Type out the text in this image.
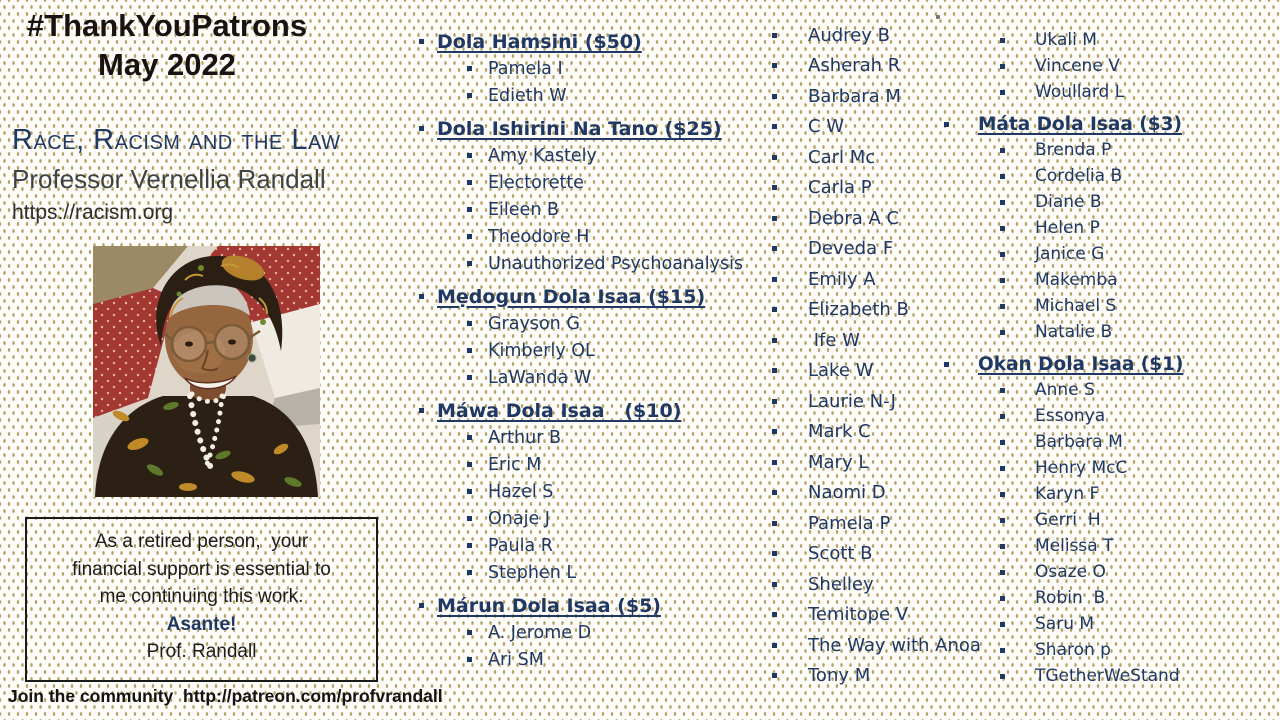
#ThankYouPatrons
May 2022
Race, Racism and the Law
Professor Vernellia Randall
https://racism.org
As a retired person,  your
financial support is essential to
me continuing this work.
Asante!
Prof. Randall
Join the community  http://patreon.com/profvrandall
Dola Hamsini ($50)
Pamela I
Edieth W
Dola Ishirini Na Tano ($25)
Amy Kastely
Electorette
Eileen B
Theodore H
Unauthorized Psychoanalysis
Mẹdogun Dola Isaa ($15)
Grayson G
Kimberly OL
LaWanda W
Máwa Dola Isaa   ($10)
Arthur B
Eric M
Hazel S
Onaje J
Paula R
Stephen L
Márun Dola Isaa ($5)
A. Jerome D
Ari SM
Audrey B
Asherah R
Barbara M
C W
Carl Mc
Carla P
Debra A C
Deveda F
Emily A
Elizabeth B
Ife W
Lake W
Laurie N-J
Mark C
Mary L
Naomi D
Pamela P
Scott B
Shelley
Temitope V
The Way with Anoa
Tony M
Ukali M
Vincene V
Woullard L
Máta Dola Isaa ($3)
Brenda P
Cordelia B
Diane B
Helen P
Janice G
Makemba
Michael S
Natalie B
Okan Dola Isaa ($1)
Anne S
Essonya
Barbara M
Henry McC
Karyn F
Gerri  H
Melissa T
Osaze O
Robin  B
Saru M
Sharon p
TGetherWeStand
